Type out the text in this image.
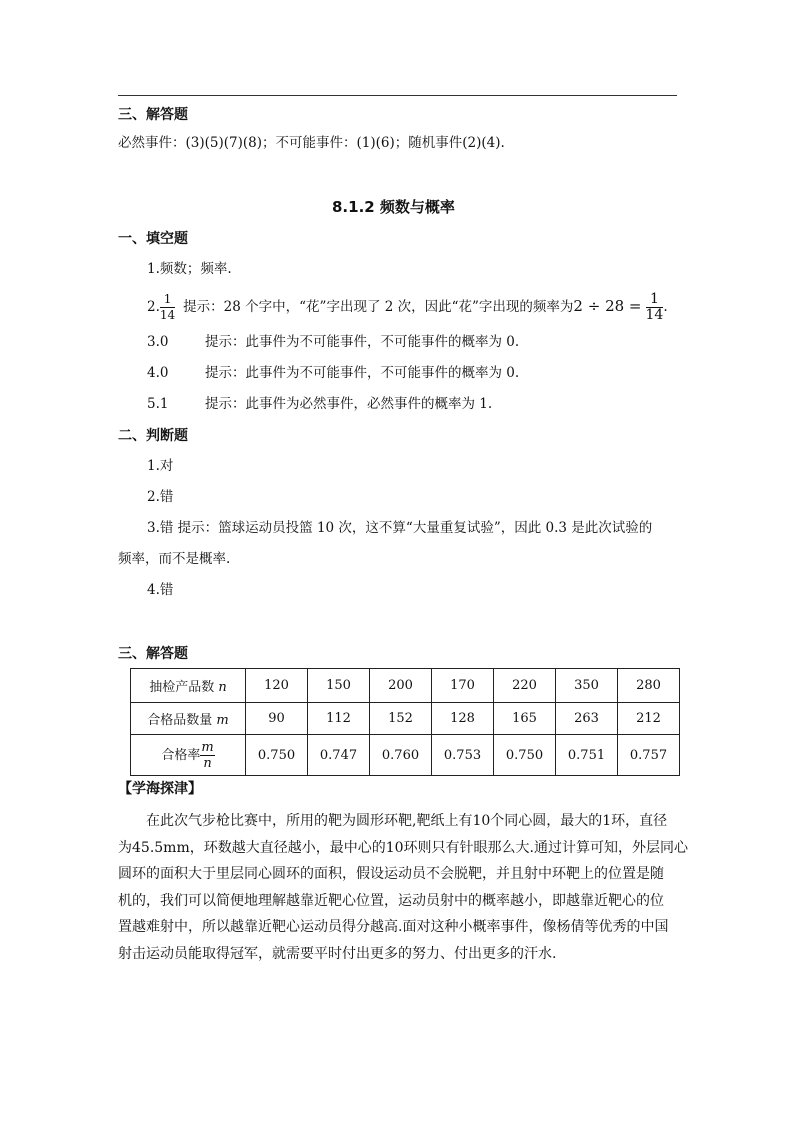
三、解答题
必然事件：(3)(5)(7)(8)；不可能事件：(1)(6)；随机事件(2)(4).
8.1.2 频数与概率
一、填空题
1.频数；频率.
2. $\frac{1}{14}$ 提示：28 个字中，“花”字出现了 2 次，因此“花”字出现的频率为$2 \div 28 = \frac{1}{14}$ .
3.0	提示：此事件为不可能事件，不可能事件的概率为 0.
4.0	提示：此事件为不可能事件，不可能事件的概率为 0.
5.1	提示：此事件为必然事件，必然事件的概率为 1.
二、判断题
1.对
2.错
3.错 提示：篮球运动员投篮 10 次，这不算“大量重复试验”，因此 0.3 是此次试验的
频率，而不是概率.
4.错
三、解答题
抽检产品数 n	120	150	200	170	220	350	280
合格品数量 m	90	112	152	128	165	263	212
合格率 $\frac{m}{n}$	0.750	0.747	0.760	0.753	0.750	0.751	0.757
【学海探津】
在此次气步枪比赛中，所用的靶为圆形环靶,靶纸上有10个同心圆，最大的1环，直径
为45.5mm，环数越大直径越小，最中心的10环则只有针眼那么大.通过计算可知，外层同心
圆环的面积大于里层同心圆环的面积，假设运动员不会脱靶，并且射中环靶上的位置是随
机的，我们可以简便地理解越靠近靶心位置，运动员射中的概率越小，即越靠近靶心的位
置越难射中，所以越靠近靶心运动员得分越高.面对这种小概率事件，像杨倩等优秀的中国
射击运动员能取得冠军，就需要平时付出更多的努力、付出更多的汗水.
